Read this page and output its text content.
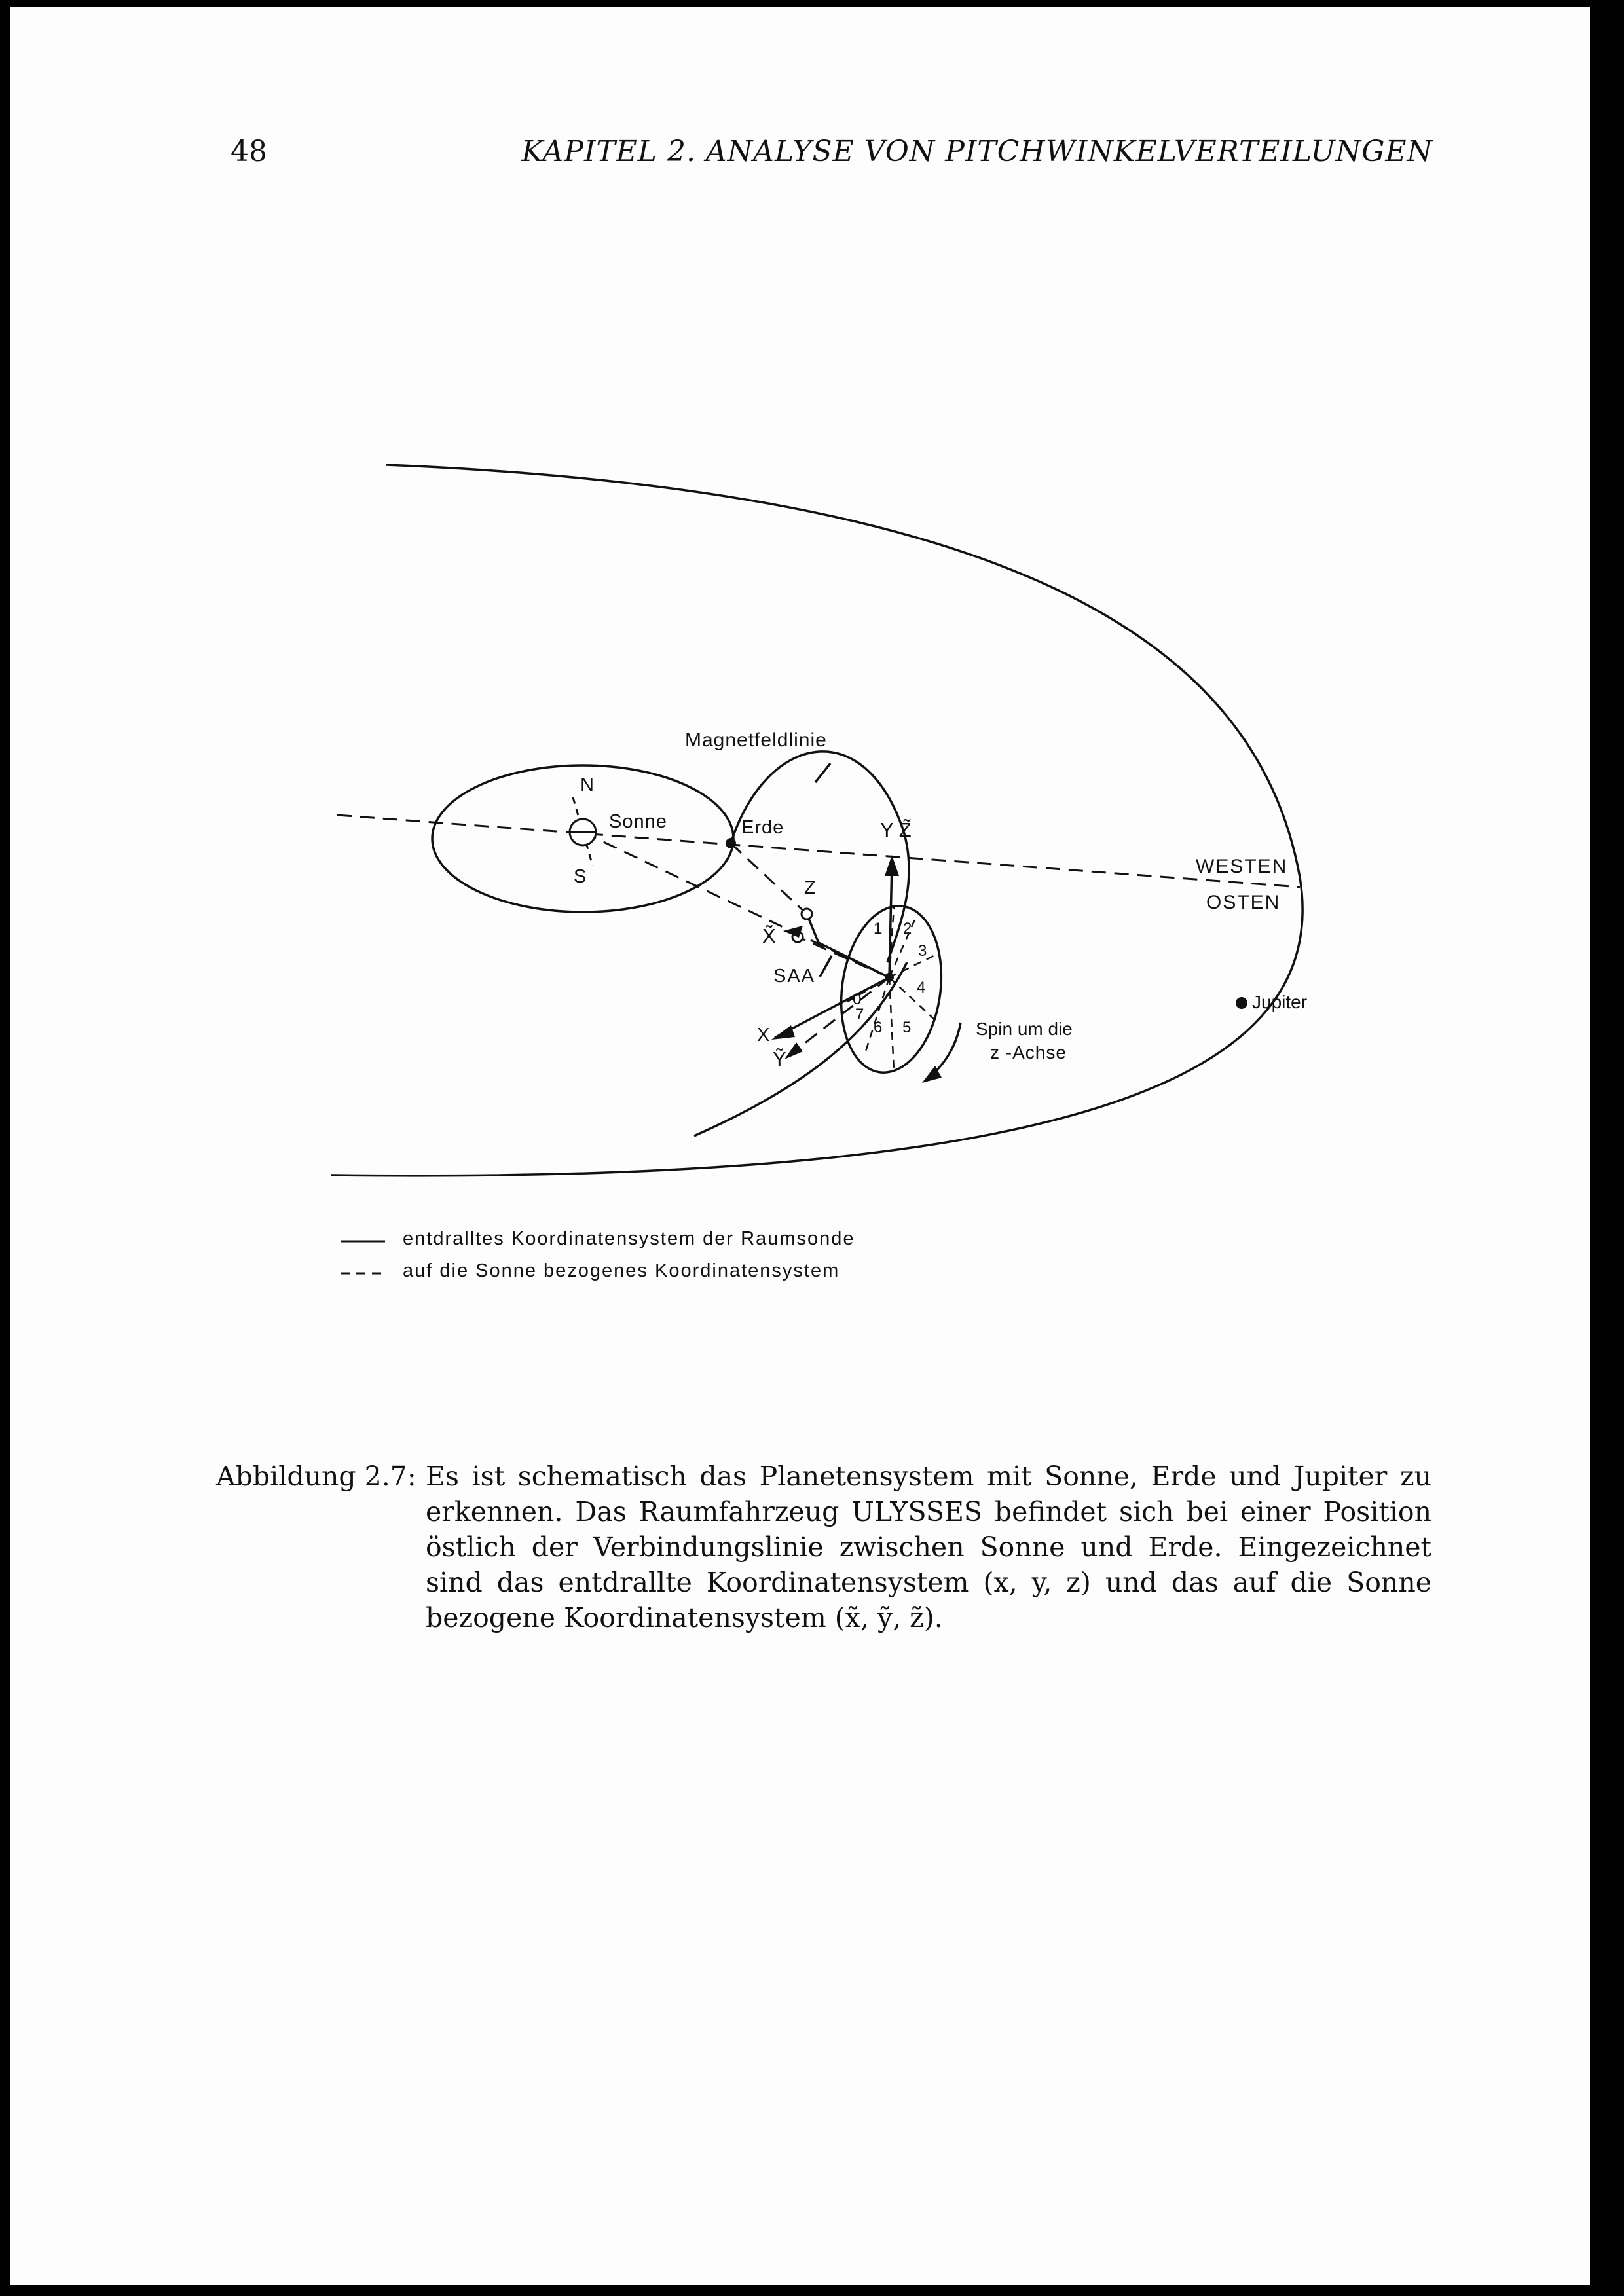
48	KAPITEL 2. ANALYSE VON PITCHWINKELVERTEILUNGEN
Magnetfeldlinie
N
S
Sonne	Erde	Y Z̃
Z
X̃
SAA
X
Ỹ
WESTEN
OSTEN
Jupiter
Spin um die
z -Achse
0
1 2
3
4
5
6
7
entdralltes Koordinatensystem der Raumsonde
auf die Sonne bezogenes Koordinatensystem
Abbildung 2.7: Es ist schematisch das Planetensystem mit Sonne, Erde und Jupiter zu erkennen. Das Raumfahrzeug ULYSSES befindet sich bei einer Position östlich der Verbindungslinie zwischen Sonne und Erde. Eingezeichnet sind das entdrallte Koordinatensystem (x, y, z) und das auf die Sonne bezogene Koordinatensystem (x̃, ỹ, z̃).
